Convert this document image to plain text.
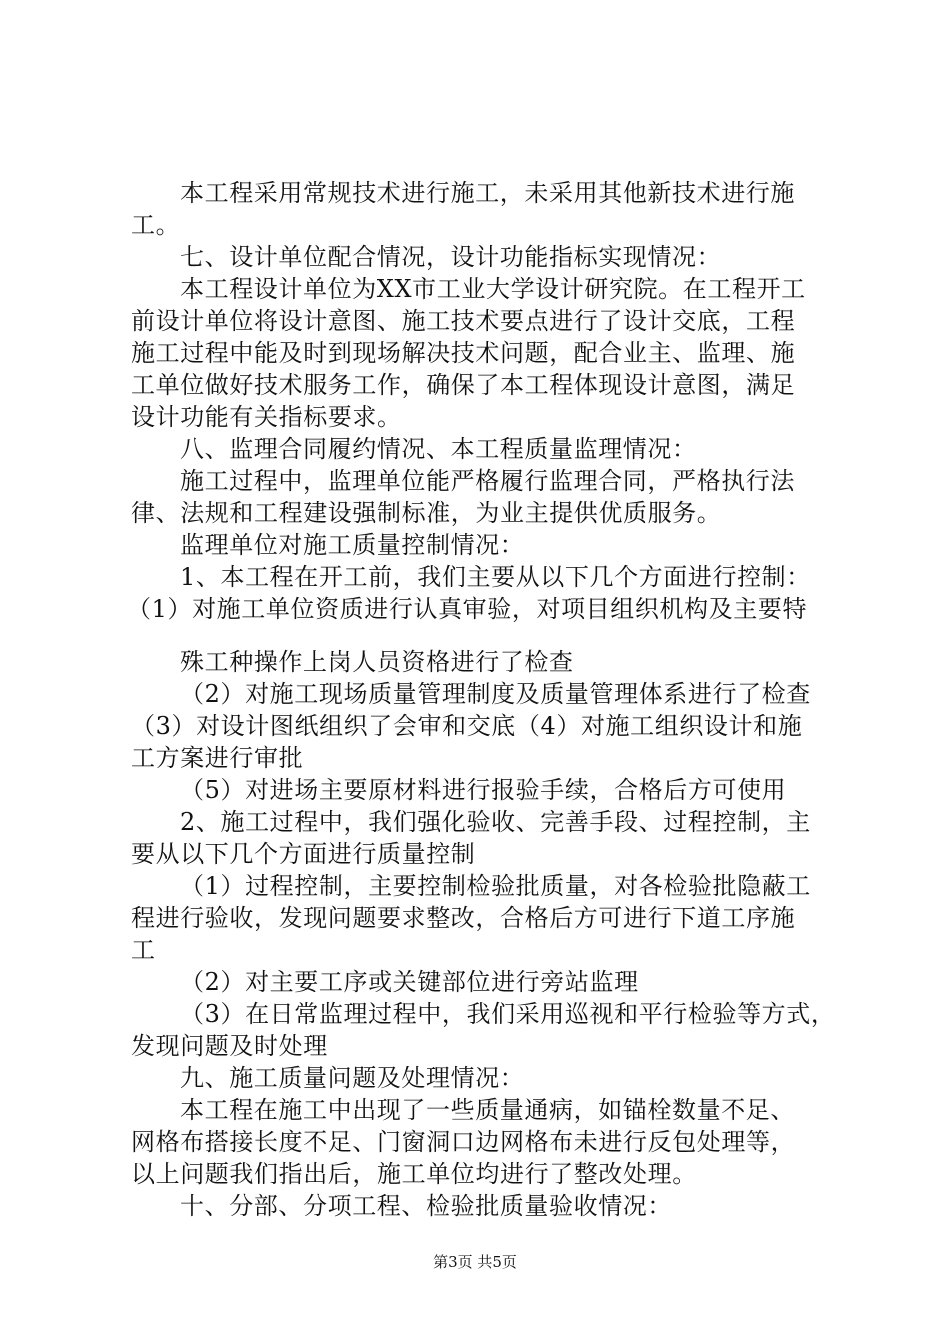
本工程采用常规技术进行施工，未采用其他新技术进行施
工。
七、设计单位配合情况，设计功能指标实现情况：
本工程设计单位为XX市工业大学设计研究院。在工程开工
前设计单位将设计意图、施工技术要点进行了设计交底，工程
施工过程中能及时到现场解决技术问题，配合业主、监理、施
工单位做好技术服务工作，确保了本工程体现设计意图，满足
设计功能有关指标要求。
八、监理合同履约情况、本工程质量监理情况：
施工过程中，监理单位能严格履行监理合同，严格执行法
律、法规和工程建设强制标准，为业主提供优质服务。
监理单位对施工质量控制情况：
1、本工程在开工前，我们主要从以下几个方面进行控制：
（1）对施工单位资质进行认真审验，对项目组织机构及主要特
殊工种操作上岗人员资格进行了检查
（2）对施工现场质量管理制度及质量管理体系进行了检查
（3）对设计图纸组织了会审和交底（4）对施工组织设计和施
工方案进行审批
（5）对进场主要原材料进行报验手续，合格后方可使用
2、施工过程中，我们强化验收、完善手段、过程控制，主
要从以下几个方面进行质量控制
（1）过程控制，主要控制检验批质量，对各检验批隐蔽工
程进行验收，发现问题要求整改，合格后方可进行下道工序施
工
（2）对主要工序或关键部位进行旁站监理
（3）在日常监理过程中，我们采用巡视和平行检验等方式，
发现问题及时处理
九、施工质量问题及处理情况：
本工程在施工中出现了一些质量通病，如锚栓数量不足、
网格布搭接长度不足、门窗洞口边网格布未进行反包处理等，
以上问题我们指出后，施工单位均进行了整改处理。
十、分部、分项工程、检验批质量验收情况：
第3页 共5页
